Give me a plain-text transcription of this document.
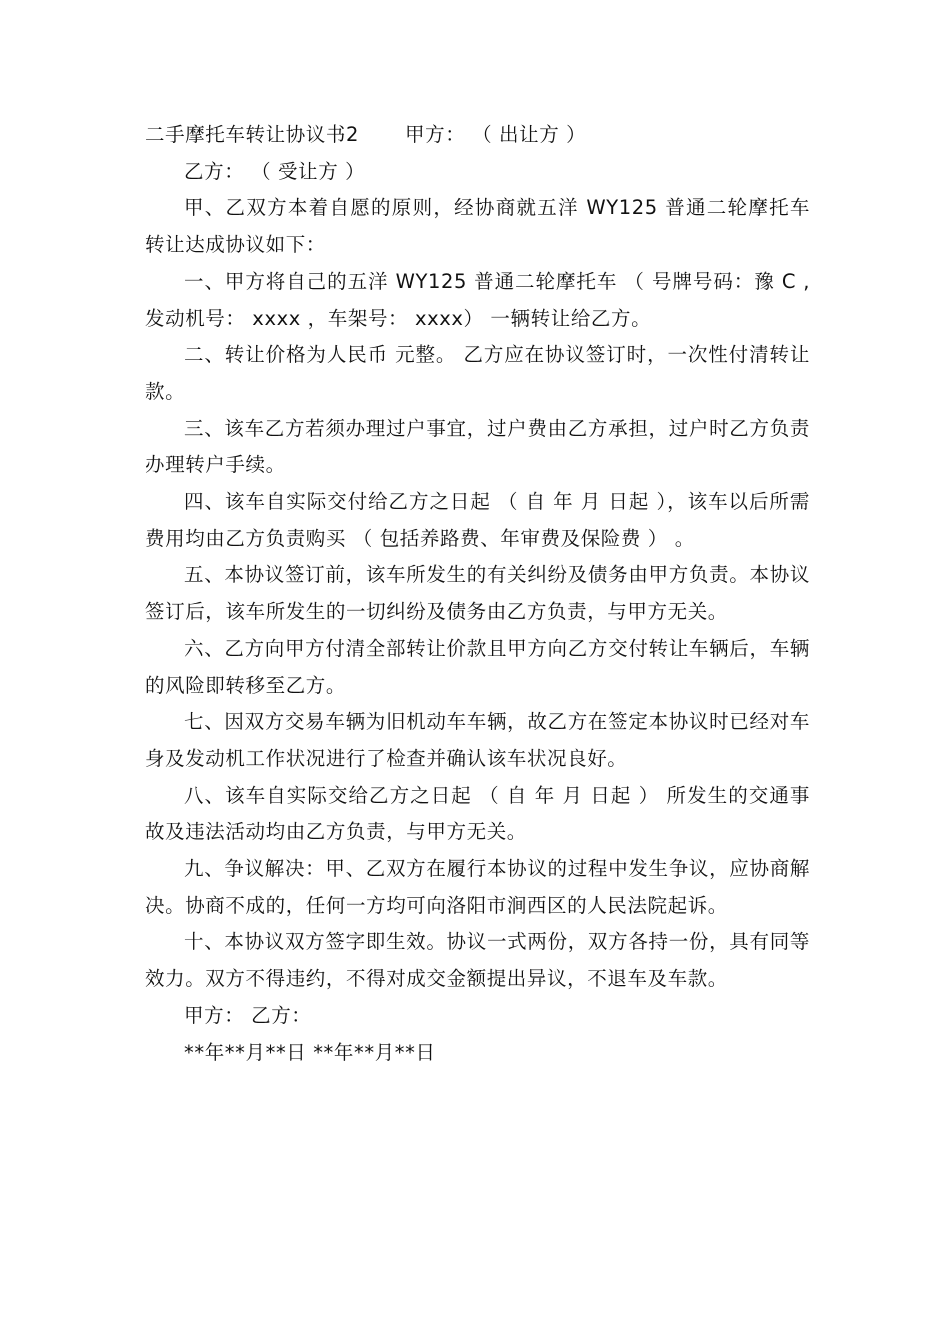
二手摩托车转让协议书2 甲方： （ 出让方 ）

乙方： （ 受让方 ）

甲、乙双方本着自愿的原则，经协商就五洋 WY125 普通二轮摩托车转让达成协议如下：

一、甲方将自己的五洋 WY125 普通二轮摩托车 （ 号牌号码：豫 C , 发动机号： xxxx ，车架号： xxxx） 一辆转让给乙方。

二、转让价格为人民币 元整。 乙方应在协议签订时，一次性付清转让款。

三、该车乙方若须办理过户事宜，过户费由乙方承担，过户时乙方负责办理转户手续。

四、该车自实际交付给乙方之日起 （ 自 年 月 日起 ），该车以后所需费用均由乙方负责购买 （ 包括养路费、年审费及保险费 ） 。

五、本协议签订前，该车所发生的有关纠纷及债务由甲方负责。本协议签订后，该车所发生的一切纠纷及债务由乙方负责，与甲方无关。

六、乙方向甲方付清全部转让价款且甲方向乙方交付转让车辆后，车辆的风险即转移至乙方。

七、因双方交易车辆为旧机动车车辆，故乙方在签定本协议时已经对车身及发动机工作状况进行了检查并确认该车状况良好。

八、该车自实际交给乙方之日起 （ 自 年 月 日起 ） 所发生的交通事故及违法活动均由乙方负责，与甲方无关。

九、争议解决：甲、乙双方在履行本协议的过程中发生争议，应协商解决。协商不成的，任何一方均可向洛阳市涧西区的人民法院起诉。

十、本协议双方签字即生效。协议一式两份，双方各持一份，具有同等效力。双方不得违约，不得对成交金额提出异议，不退车及车款。

甲方： 乙方：

**年**月**日 **年**月**日
